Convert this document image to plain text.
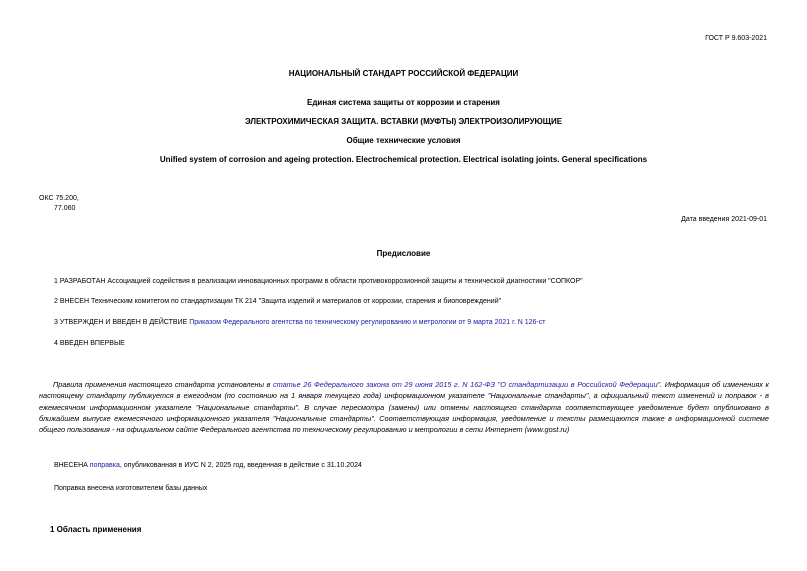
ГОСТ Р 9.603-2021
НАЦИОНАЛЬНЫЙ СТАНДАРТ РОССИЙСКОЙ ФЕДЕРАЦИИ
Единая система защиты от коррозии и старения
ЭЛЕКТРОХИМИЧЕСКАЯ ЗАЩИТА. ВСТАВКИ (МУФТЫ) ЭЛЕКТРОИЗОЛИРУЮЩИЕ
Общие технические условия
Unified system of corrosion and ageing protection. Electrochemical protection. Electrical isolating joints. General specifications
ОКС 75.200,
77.060
Дата введения 2021-09-01
Предисловие
1 РАЗРАБОТАН Ассоциацией содействия в реализации инновационных программ в области противокоррозионной защиты и технической диагностики "СОПКОР"
2 ВНЕСЕН Техническим комитетом по стандартизации ТК 214 "Защита изделий и материалов от коррозии, старения и биоповреждений"
3 УТВЕРЖДЕН И ВВЕДЕН В ДЕЙСТВИЕ Приказом Федерального агентства по техническому регулированию и метрологии от 9 марта 2021 г. N 126-ст
4 ВВЕДЕН ВПЕРВЫЕ
Правила применения настоящего стандарта установлены в статье 26 Федерального закона от 29 июня 2015 г. N 162-ФЗ "О стандартизации в Российской Федерации". Информация об изменениях к настоящему стандарту публикуется в ежегодном (по состоянию на 1 января текущего года) информационном указателе "Национальные стандарты", а официальный текст изменений и поправок - в ежемесячном информационном указателе "Национальные стандарты". В случае пересмотра (замены) или отмены настоящего стандарта соответствующее уведомление будет опубликовано в ближайшем выпуске ежемесячного информационного указателя "Национальные стандарты". Соответствующая информация, уведомление и тексты размещаются также в информационной системе общего пользования - на официальном сайте Федерального агентства по техническому регулированию и метрологии в сети Интернет (www.gost.ru)
ВНЕСЕНА поправка, опубликованная в ИУС N 2, 2025 год, введенная в действие с 31.10.2024
Поправка внесена изготовителем базы данных
1 Область применения
